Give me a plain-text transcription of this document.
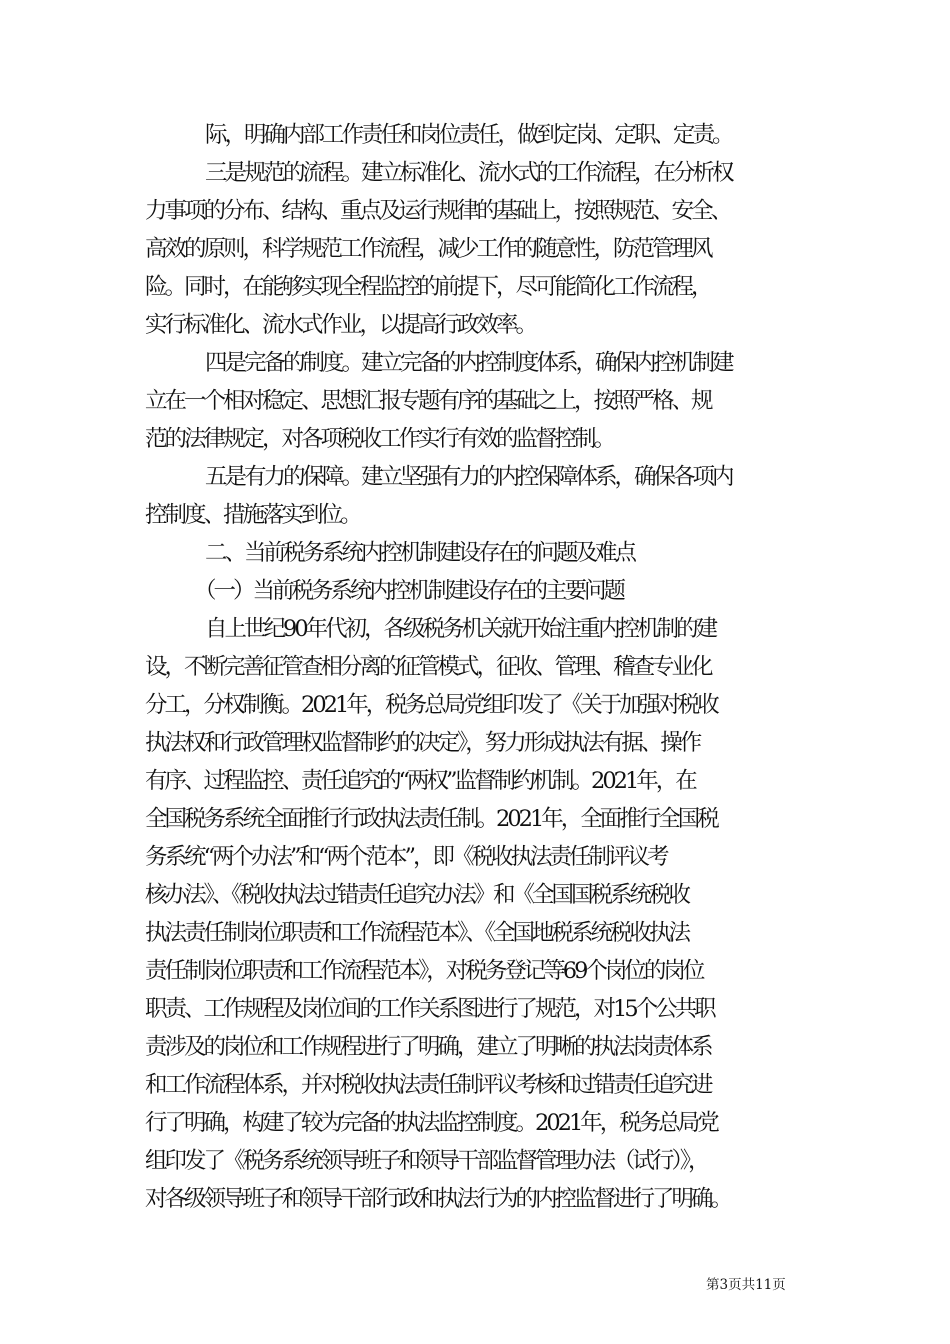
际，明确内部工作责任和岗位责任，做到定岗、定职、定责。
三是规范的流程。建立标准化、流水式的工作流程，在分析权
力事项的分布、结构、重点及运行规律的基础上，按照规范、安全、
高效的原则，科学规范工作流程，减少工作的随意性，防范管理风
险。同时，在能够实现全程监控的前提下，尽可能简化工作流程，
实行标准化、流水式作业，以提高行政效率。
四是完备的制度。建立完备的内控制度体系，确保内控机制建
立在一个相对稳定、思想汇报专题有序的基础之上，按照严格、规
范的法律规定，对各项税收工作实行有效的监督控制。
五是有力的保障。建立坚强有力的内控保障体系，确保各项内
控制度、措施落实到位。
二、当前税务系统内控机制建设存在的问题及难点
（一）当前税务系统内控机制建设存在的主要问题
自上世纪90年代初，各级税务机关就开始注重内控机制的建
设，不断完善征管查相分离的征管模式，征收、管理、稽查专业化
分工，分权制衡。2021年，税务总局党组印发了《关于加强对税收
执法权和行政管理权监督制约的决定》，努力形成执法有据、操作
有序、过程监控、责任追究的“两权”监督制约机制。2021年，在
全国税务系统全面推行行政执法责任制。2021年，全面推行全国税
务系统“两个办法”和“两个范本”，即《税收执法责任制评议考
核办法》、《税收执法过错责任追究办法》和《全国国税系统税收
执法责任制岗位职责和工作流程范本》、《全国地税系统税收执法
责任制岗位职责和工作流程范本》，对税务登记等69个岗位的岗位
职责、工作规程及岗位间的工作关系图进行了规范，对15个公共职
责涉及的岗位和工作规程进行了明确，建立了明晰的执法岗责体系
和工作流程体系，并对税收执法责任制评议考核和过错责任追究进
行了明确，构建了较为完备的执法监控制度。2021年，税务总局党
组印发了《税务系统领导班子和领导干部监督管理办法（试行）》，
对各级领导班子和领导干部行政和执法行为的内控监督进行了明确。
第3页共11页
